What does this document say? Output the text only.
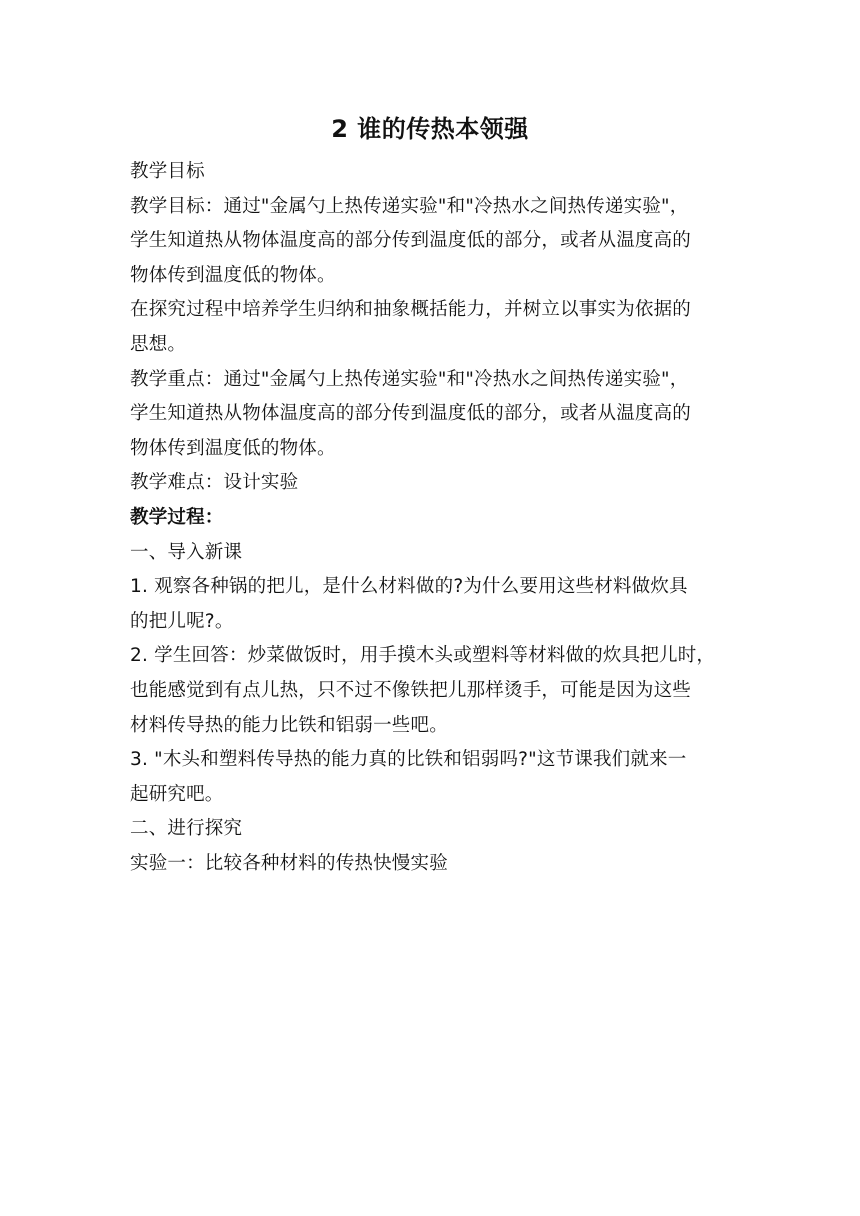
2 谁的传热本领强
教学目标
教学目标：通过"金属勺上热传递实验"和"冷热水之间热传递实验"，
学生知道热从物体温度高的部分传到温度低的部分，或者从温度高的
物体传到温度低的物体。
在探究过程中培养学生归纳和抽象概括能力，并树立以事实为依据的
思想。
教学重点：通过"金属勺上热传递实验"和"冷热水之间热传递实验"，
学生知道热从物体温度高的部分传到温度低的部分，或者从温度高的
物体传到温度低的物体。
教学难点：设计实验
教学过程：
一、导入新课
1. 观察各种锅的把儿，是什么材料做的?为什么要用这些材料做炊具
的把儿呢?。
2. 学生回答：炒菜做饭时，用手摸木头或塑料等材料做的炊具把儿时，
也能感觉到有点儿热，只不过不像铁把儿那样烫手，可能是因为这些
材料传导热的能力比铁和铝弱一些吧。
3. "木头和塑料传导热的能力真的比铁和铝弱吗?"这节课我们就来一
起研究吧。
二、进行探究
实验一：比较各种材料的传热快慢实验
